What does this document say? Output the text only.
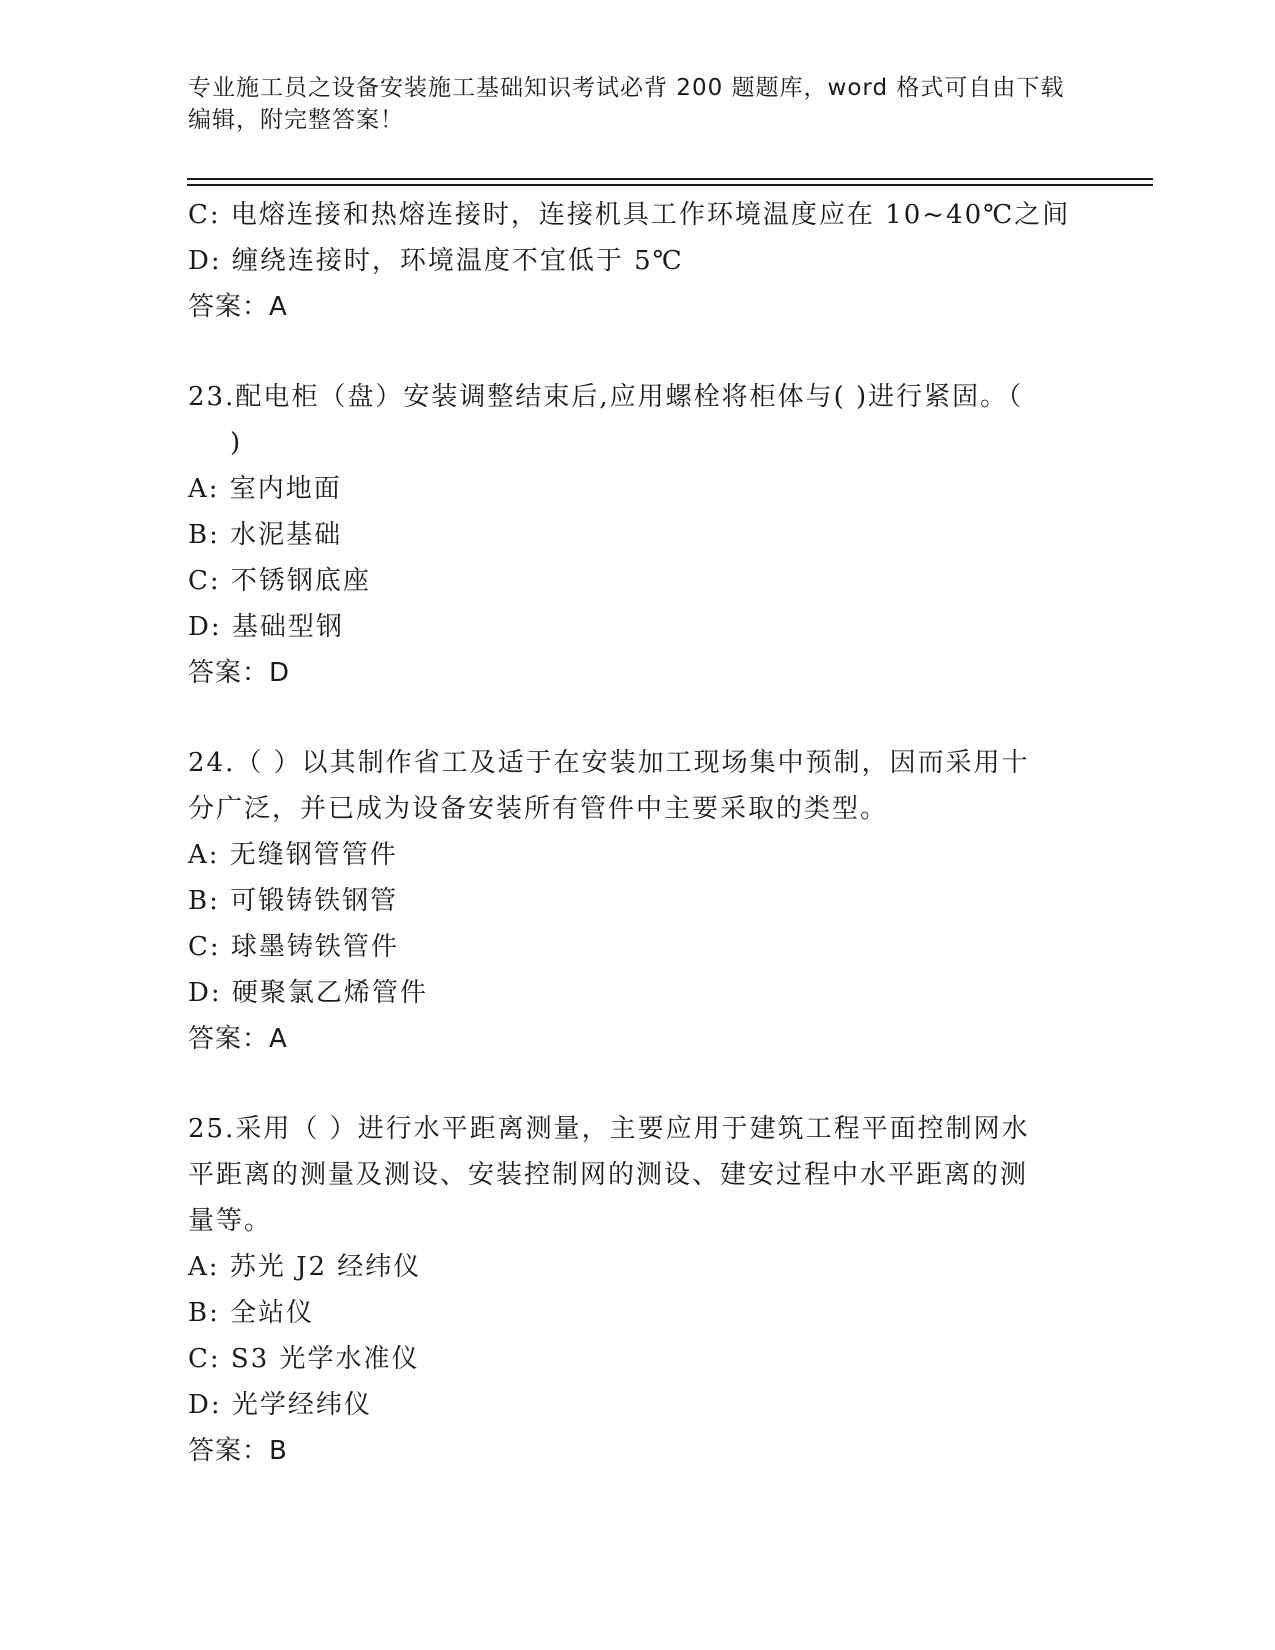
专业施工员之设备安装施工基础知识考试必背 200 题题库，word 格式可自由下载
编辑，附完整答案！
C: 电熔连接和热熔连接时，连接机具工作环境温度应在 10~40℃之间
D: 缠绕连接时，环境温度不宜低于 5℃
答案：A
23.配电柜（盘）安装调整结束后,应用螺栓将柜体与( )进行紧固。（
)
A: 室内地面
B: 水泥基础
C: 不锈钢底座
D: 基础型钢
答案：D
24.（ ）以其制作省工及适于在安装加工现场集中预制，因而采用十
分广泛，并已成为设备安装所有管件中主要采取的类型。
A: 无缝钢管管件
B: 可锻铸铁钢管
C: 球墨铸铁管件
D: 硬聚氯乙烯管件
答案：A
25.采用（ ）进行水平距离测量，主要应用于建筑工程平面控制网水
平距离的测量及测设、安装控制网的测设、建安过程中水平距离的测
量等。
A: 苏光 J2 经纬仪
B: 全站仪
C: S3 光学水准仪
D: 光学经纬仪
答案：B
